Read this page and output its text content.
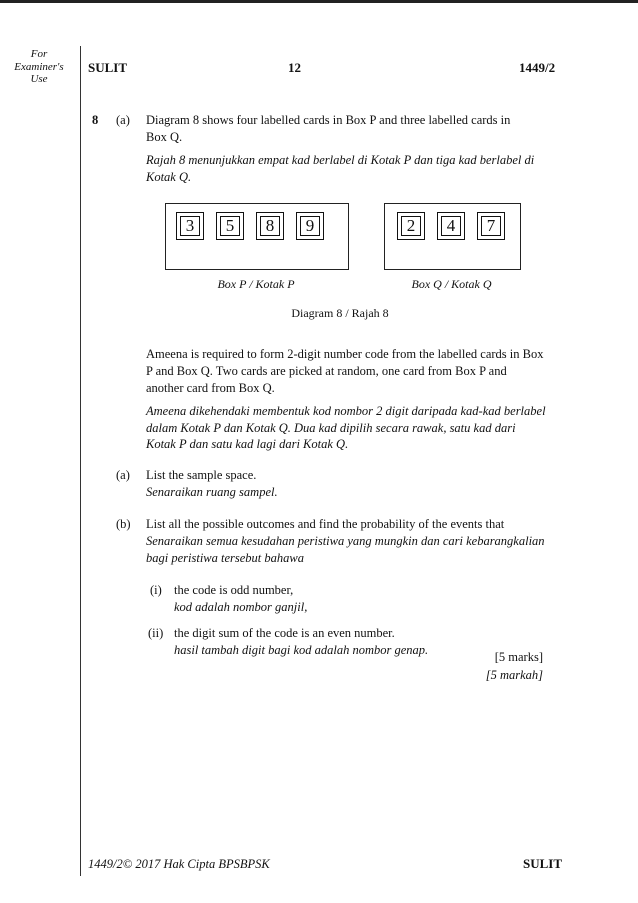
For
Examiner's
Use
SULIT	12	1449/2
8 (a) Diagram 8 shows four labelled cards in Box P and three labelled cards in

Box Q.

Rajah 8 menunjukkan empat kad berlabel di Kotak P dan tiga kad berlabel di

Kotak Q.

3	5	8	9	2	4	7
Box P / Kotak P	Box Q / Kotak Q
Diagram 8 / Rajah 8

Ameena is required to form 2-digit number code from the labelled cards in Box

P and Box Q. Two cards are picked at random, one card from Box P and

another card from Box Q.

Ameena dikehendaki membentuk kod nombor 2 digit daripada kad-kad berlabel

dalam Kotak P dan Kotak Q. Dua kad dipilih secara rawak, satu kad dari

Kotak P dan satu kad lagi dari Kotak Q.

(a) List the sample space.

Senaraikan ruang sampel.

(b) List all the possible outcomes and find the probability of the events that

Senaraikan semua kesudahan peristiwa yang mungkin dan cari kebarangkalian

bagi peristiwa tersebut bahawa

(i) the code is odd number,

kod adalah nombor ganjil,

(ii) the digit sum of the code is an even number.

hasil tambah digit bagi kod adalah nombor genap.

[5 marks]
[5 markah]
1449/2© 2017 Hak Cipta BPSBPSK	SULIT
